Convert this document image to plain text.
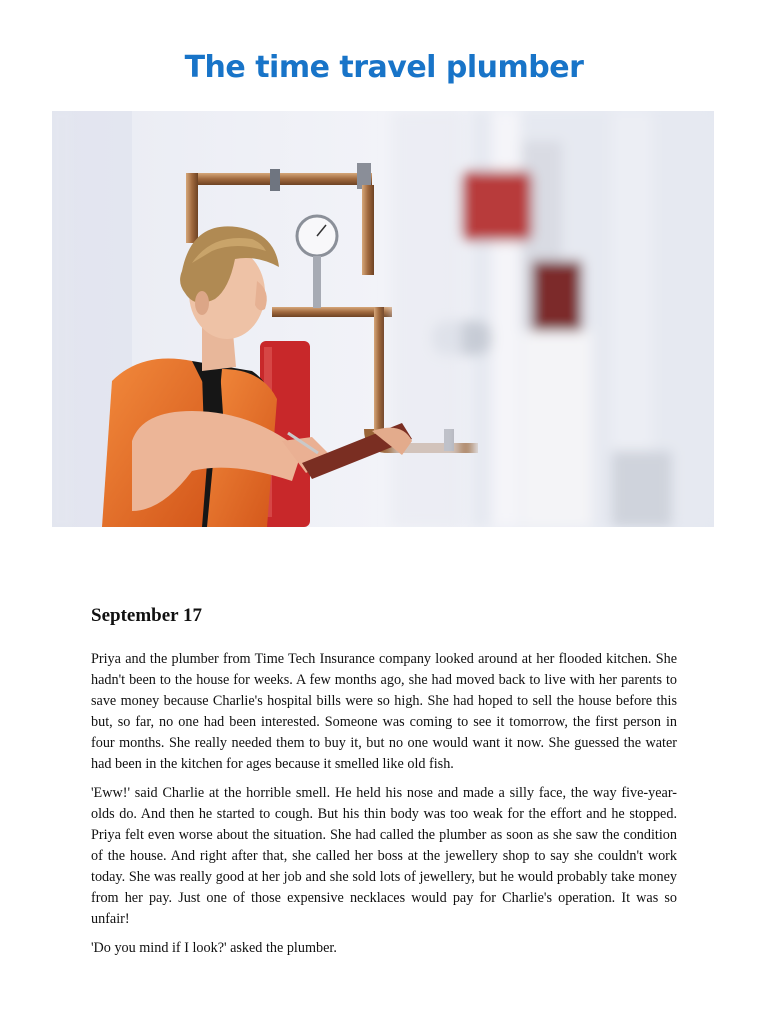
The time travel plumber
September 17

Priya and the plumber from Time Tech Insurance company looked around at her flooded kitchen. She hadn't been to the house for weeks. A few months ago, she had moved back to live with her parents to save money because Charlie's hospital bills were so high. She had hoped to sell the house before this but, so far, no one had been interested. Someone was coming to see it tomorrow, the first person in four months. She really needed them to buy it, but no one would want it now. She guessed the water had been in the kitchen for ages because it smelled like old fish.

'Eww!' said Charlie at the horrible smell. He held his nose and made a silly face, the way five-year-olds do. And then he started to cough. But his thin body was too weak for the effort and he stopped. Priya felt even worse about the situation. She had called the plumber as soon as she saw the condition of the house. And right after that, she called her boss at the jewellery shop to say she couldn't work today. She was really good at her job and she sold lots of jewellery, but he would probably take money from her pay. Just one of those expensive necklaces would pay for Charlie's operation. It was so unfair!

'Do you mind if I look?' asked the plumber.
